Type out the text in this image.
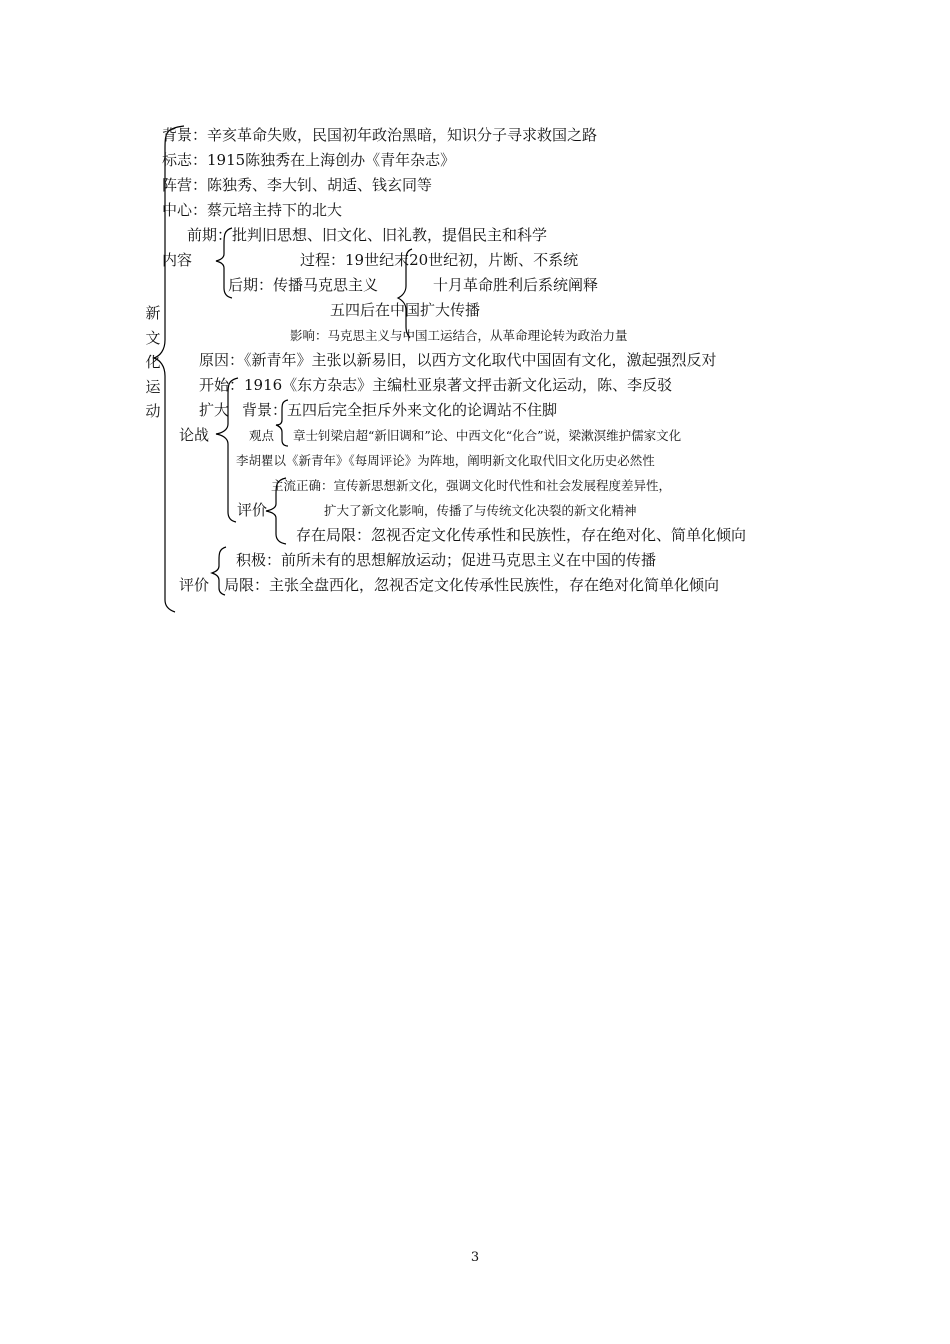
背景：辛亥革命失败，民国初年政治黑暗，知识分子寻求救国之路
标志：1915陈独秀在上海创办《青年杂志》
阵营：陈独秀、李大钊、胡适、钱玄同等
中心：蔡元培主持下的北大
前期：批判旧思想、旧文化、旧礼教，提倡民主和科学
内容	过程：19世纪末20世纪初，片断、不系统
后期：传播马克思主义	十月革命胜利后系统阐释
五四后在中国扩大传播
影响：马克思主义与中国工运结合，从革命理论转为政治力量
新
文
化
运
动
原因：《新青年》主张以新易旧，以西方文化取代中国固有文化，激起强烈反对
开始：1916《东方杂志》主编杜亚泉著文抨击新文化运动，陈、李反驳
扩大 背景：五四后完全拒斥外来文化的论调站不住脚
论战	观点 章士钊梁启超“新旧调和”论、中西文化“化合”说，梁漱溟维护儒家文化
李胡瞿以《新青年》《每周评论》为阵地，阐明新文化取代旧文化历史必然性
主流正确：宣传新思想新文化，强调文化时代性和社会发展程度差异性，
评价	扩大了新文化影响，传播了与传统文化决裂的新文化精神
存在局限：忽视否定文化传承性和民族性，存在绝对化、简单化倾向
积极：前所未有的思想解放运动；促进马克思主义在中国的传播
评价 局限：主张全盘西化，忽视否定文化传承性民族性，存在绝对化简单化倾向
3
